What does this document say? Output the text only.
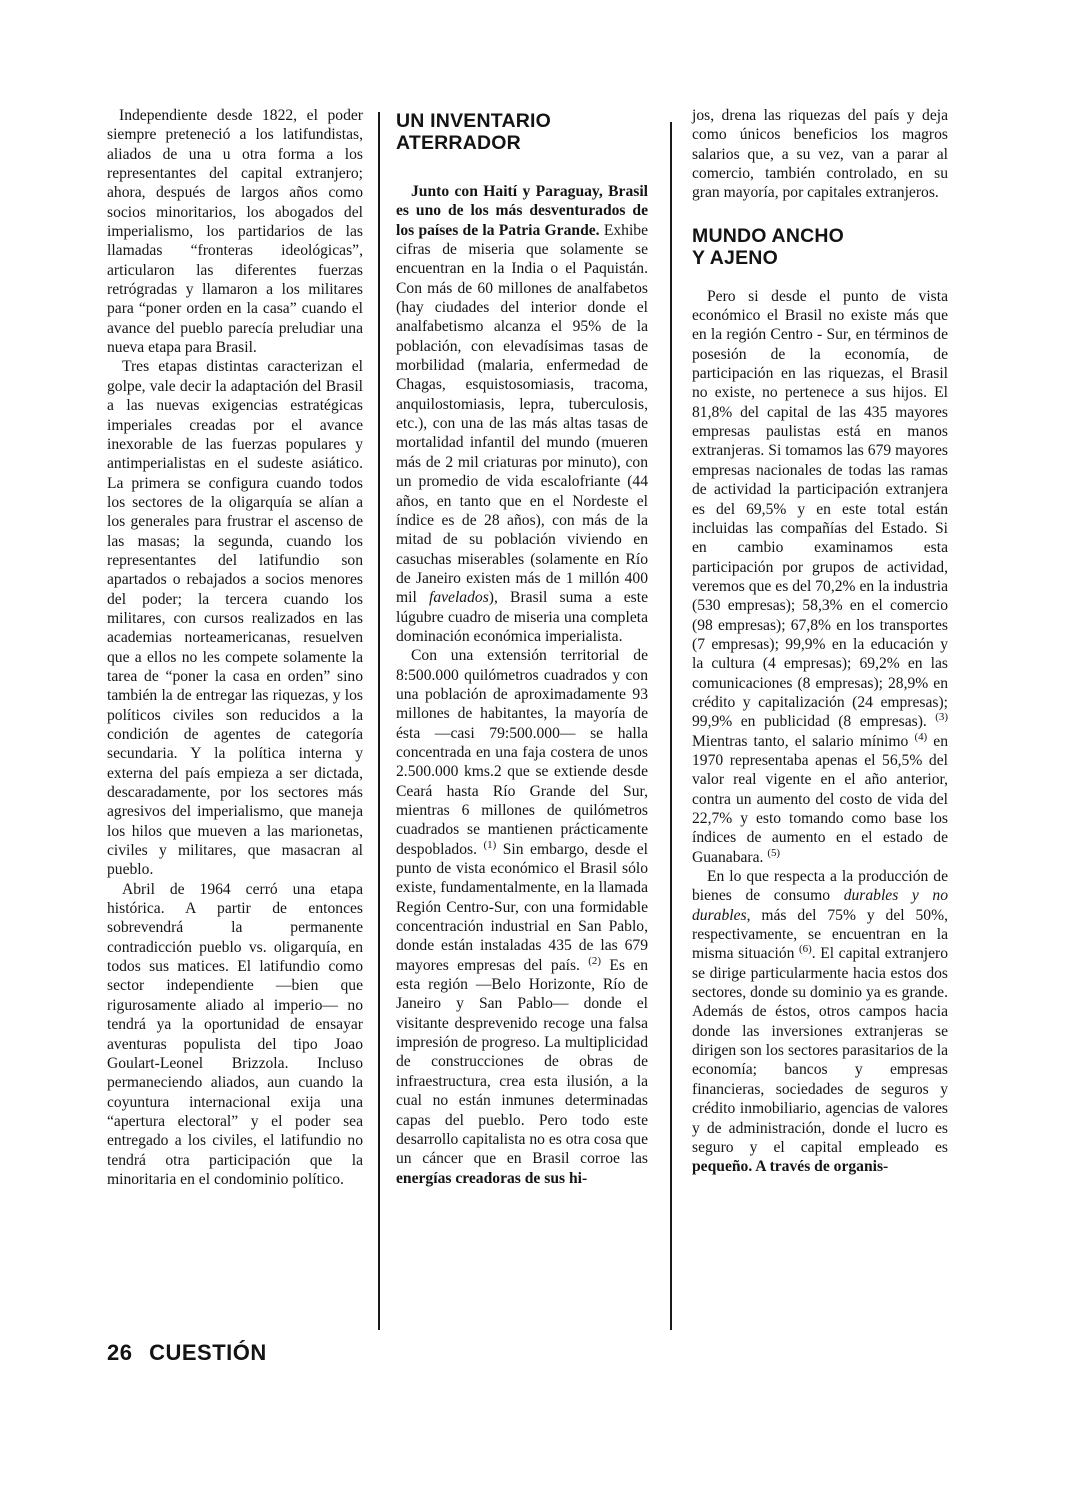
Independiente desde 1822, el poder siempre preteneció a los latifundistas, aliados de una u otra forma a los representantes del capital extranjero; ahora, después de largos años como socios minoritarios, los abogados del imperialismo, los partidarios de las llamadas “fronteras ideológicas”, articularon las diferentes fuerzas retrógradas y llamaron a los militares para “poner orden en la casa” cuando el avance del pueblo parecía preludiar una nueva etapa para Brasil.

Tres etapas distintas caracterizan el golpe, vale decir la adaptación del Brasil a las nuevas exigencias estratégicas imperiales creadas por el avance inexorable de las fuerzas populares y antimperialistas en el sudeste asiático. La primera se configura cuando todos los sectores de la oligarquía se alían a los generales para frustrar el ascenso de las masas; la segunda, cuando los representantes del latifundio son apartados o rebajados a socios menores del poder; la tercera cuando los militares, con cursos realizados en las academias norteamericanas, resuelven que a ellos no les compete solamente la tarea de “poner la casa en orden” sino también la de entregar las riquezas, y los políticos civiles son reducidos a la condición de agentes de categoría secundaria. Y la política interna y externa del país empieza a ser dictada, descaradamente, por los sectores más agresivos del imperialismo, que maneja los hilos que mueven a las marionetas, civiles y militares, que masacran al pueblo.

Abril de 1964 cerró una etapa histórica. A partir de entonces sobrevendrá la permanente contradicción pueblo vs. oligarquía, en todos sus matices. El latifundio como sector independiente —bien que rigurosamente aliado al imperio— no tendrá ya la oportunidad de ensayar aventuras populista del tipo Joao Goulart-Leonel Brizzola. Incluso permaneciendo aliados, aun cuando la coyuntura internacional exija una “apertura electoral” y el poder sea entregado a los civiles, el latifundio no tendrá otra participación que la minoritaria en el condominio político.

UN INVENTARIO
ATERRADOR

Junto con Haití y Paraguay, Brasil es uno de los más desventurados de los países de la Patria Grande. Exhibe cifras de miseria que solamente se encuentran en la India o el Paquistán. Con más de 60 millones de analfabetos (hay ciudades del interior donde el analfabetismo alcanza el 95% de la población, con elevadísimas tasas de morbilidad (malaria, enfermedad de Chagas, esquistosomiasis, tracoma, anquilostomiasis, lepra, tuberculosis, etc.), con una de las más altas tasas de mortalidad infantil del mundo (mueren más de 2 mil criaturas por minuto), con un promedio de vida escalofriante (44 años, en tanto que en el Nordeste el índice es de 28 años), con más de la mitad de su población viviendo en casuchas miserables (solamente en Río de Janeiro existen más de 1 millón 400 mil favelados), Brasil suma a este lúgubre cuadro de miseria una completa dominación económica imperialista.

Con una extensión territorial de 8:500.000 quilómetros cuadrados y con una población de aproximadamente 93 millones de habitantes, la mayoría de ésta —casi 79:500.000— se halla concentrada en una faja costera de unos 2.500.000 kms.2 que se extiende desde Ceará hasta Río Grande del Sur, mientras 6 millones de quilómetros cuadrados se mantienen prácticamente despoblados. $^{(1)}$ Sin embargo, desde el punto de vista económico el Brasil sólo existe, fundamentalmente, en la llamada Región Centro-Sur, con una formidable concentración industrial en San Pablo, donde están instaladas 435 de las 679 mayores empresas del país. $^{(2)}$ Es en esta región —Belo Horizonte, Río de Janeiro y San Pablo— donde el visitante desprevenido recoge una falsa impresión de progreso. La multiplicidad de construcciones de obras de infraestructura, crea esta ilusión, a la cual no están inmunes determinadas capas del pueblo. Pero todo este desarrollo capitalista no es otra cosa que un cáncer que en Brasil corroe las energías creadoras de sus hi-

jos, drena las riquezas del país y deja como únicos beneficios los magros salarios que, a su vez, van a parar al comercio, también controlado, en su gran mayoría, por capitales extranjeros.

MUNDO ANCHO
Y AJENO

Pero si desde el punto de vista económico el Brasil no existe más que en la región Centro - Sur, en términos de posesión de la economía, de participación en las riquezas, el Brasil no existe, no pertenece a sus hijos. El 81,8% del capital de las 435 mayores empresas paulistas está en manos extranjeras. Si tomamos las 679 mayores empresas nacionales de todas las ramas de actividad la participación extranjera es del 69,5% y en este total están incluidas las compañías del Estado. Si en cambio examinamos esta participación por grupos de actividad, veremos que es del 70,2% en la industria (530 empresas); 58,3% en el comercio (98 empresas); 67,8% en los transportes (7 empresas); 99,9% en la educación y la cultura (4 empresas); 69,2% en las comunicaciones (8 empresas); 28,9% en crédito y capitalización (24 empresas); 99,9% en publicidad (8 empresas). $^{(3)}$ Mientras tanto, el salario mínimo $^{(4)}$ en 1970 representaba apenas el 56,5% del valor real vigente en el año anterior, contra un aumento del costo de vida del 22,7% y esto tomando como base los índices de aumento en el estado de Guanabara. $^{(5)}$

En lo que respecta a la producción de bienes de consumo durables y no durables, más del 75% y del 50%, respectivamente, se encuentran en la misma situación $^{(6)}$. El capital extranjero se dirige particularmente hacia estos dos sectores, donde su dominio ya es grande. Además de éstos, otros campos hacia donde las inversiones extranjeras se dirigen son los sectores parasitarios de la economía; bancos y empresas financieras, sociedades de seguros y crédito inmobiliario, agencias de valores y de administración, donde el lucro es seguro y el capital empleado es pequeño. A través de organis-

26 CUESTIÓN
